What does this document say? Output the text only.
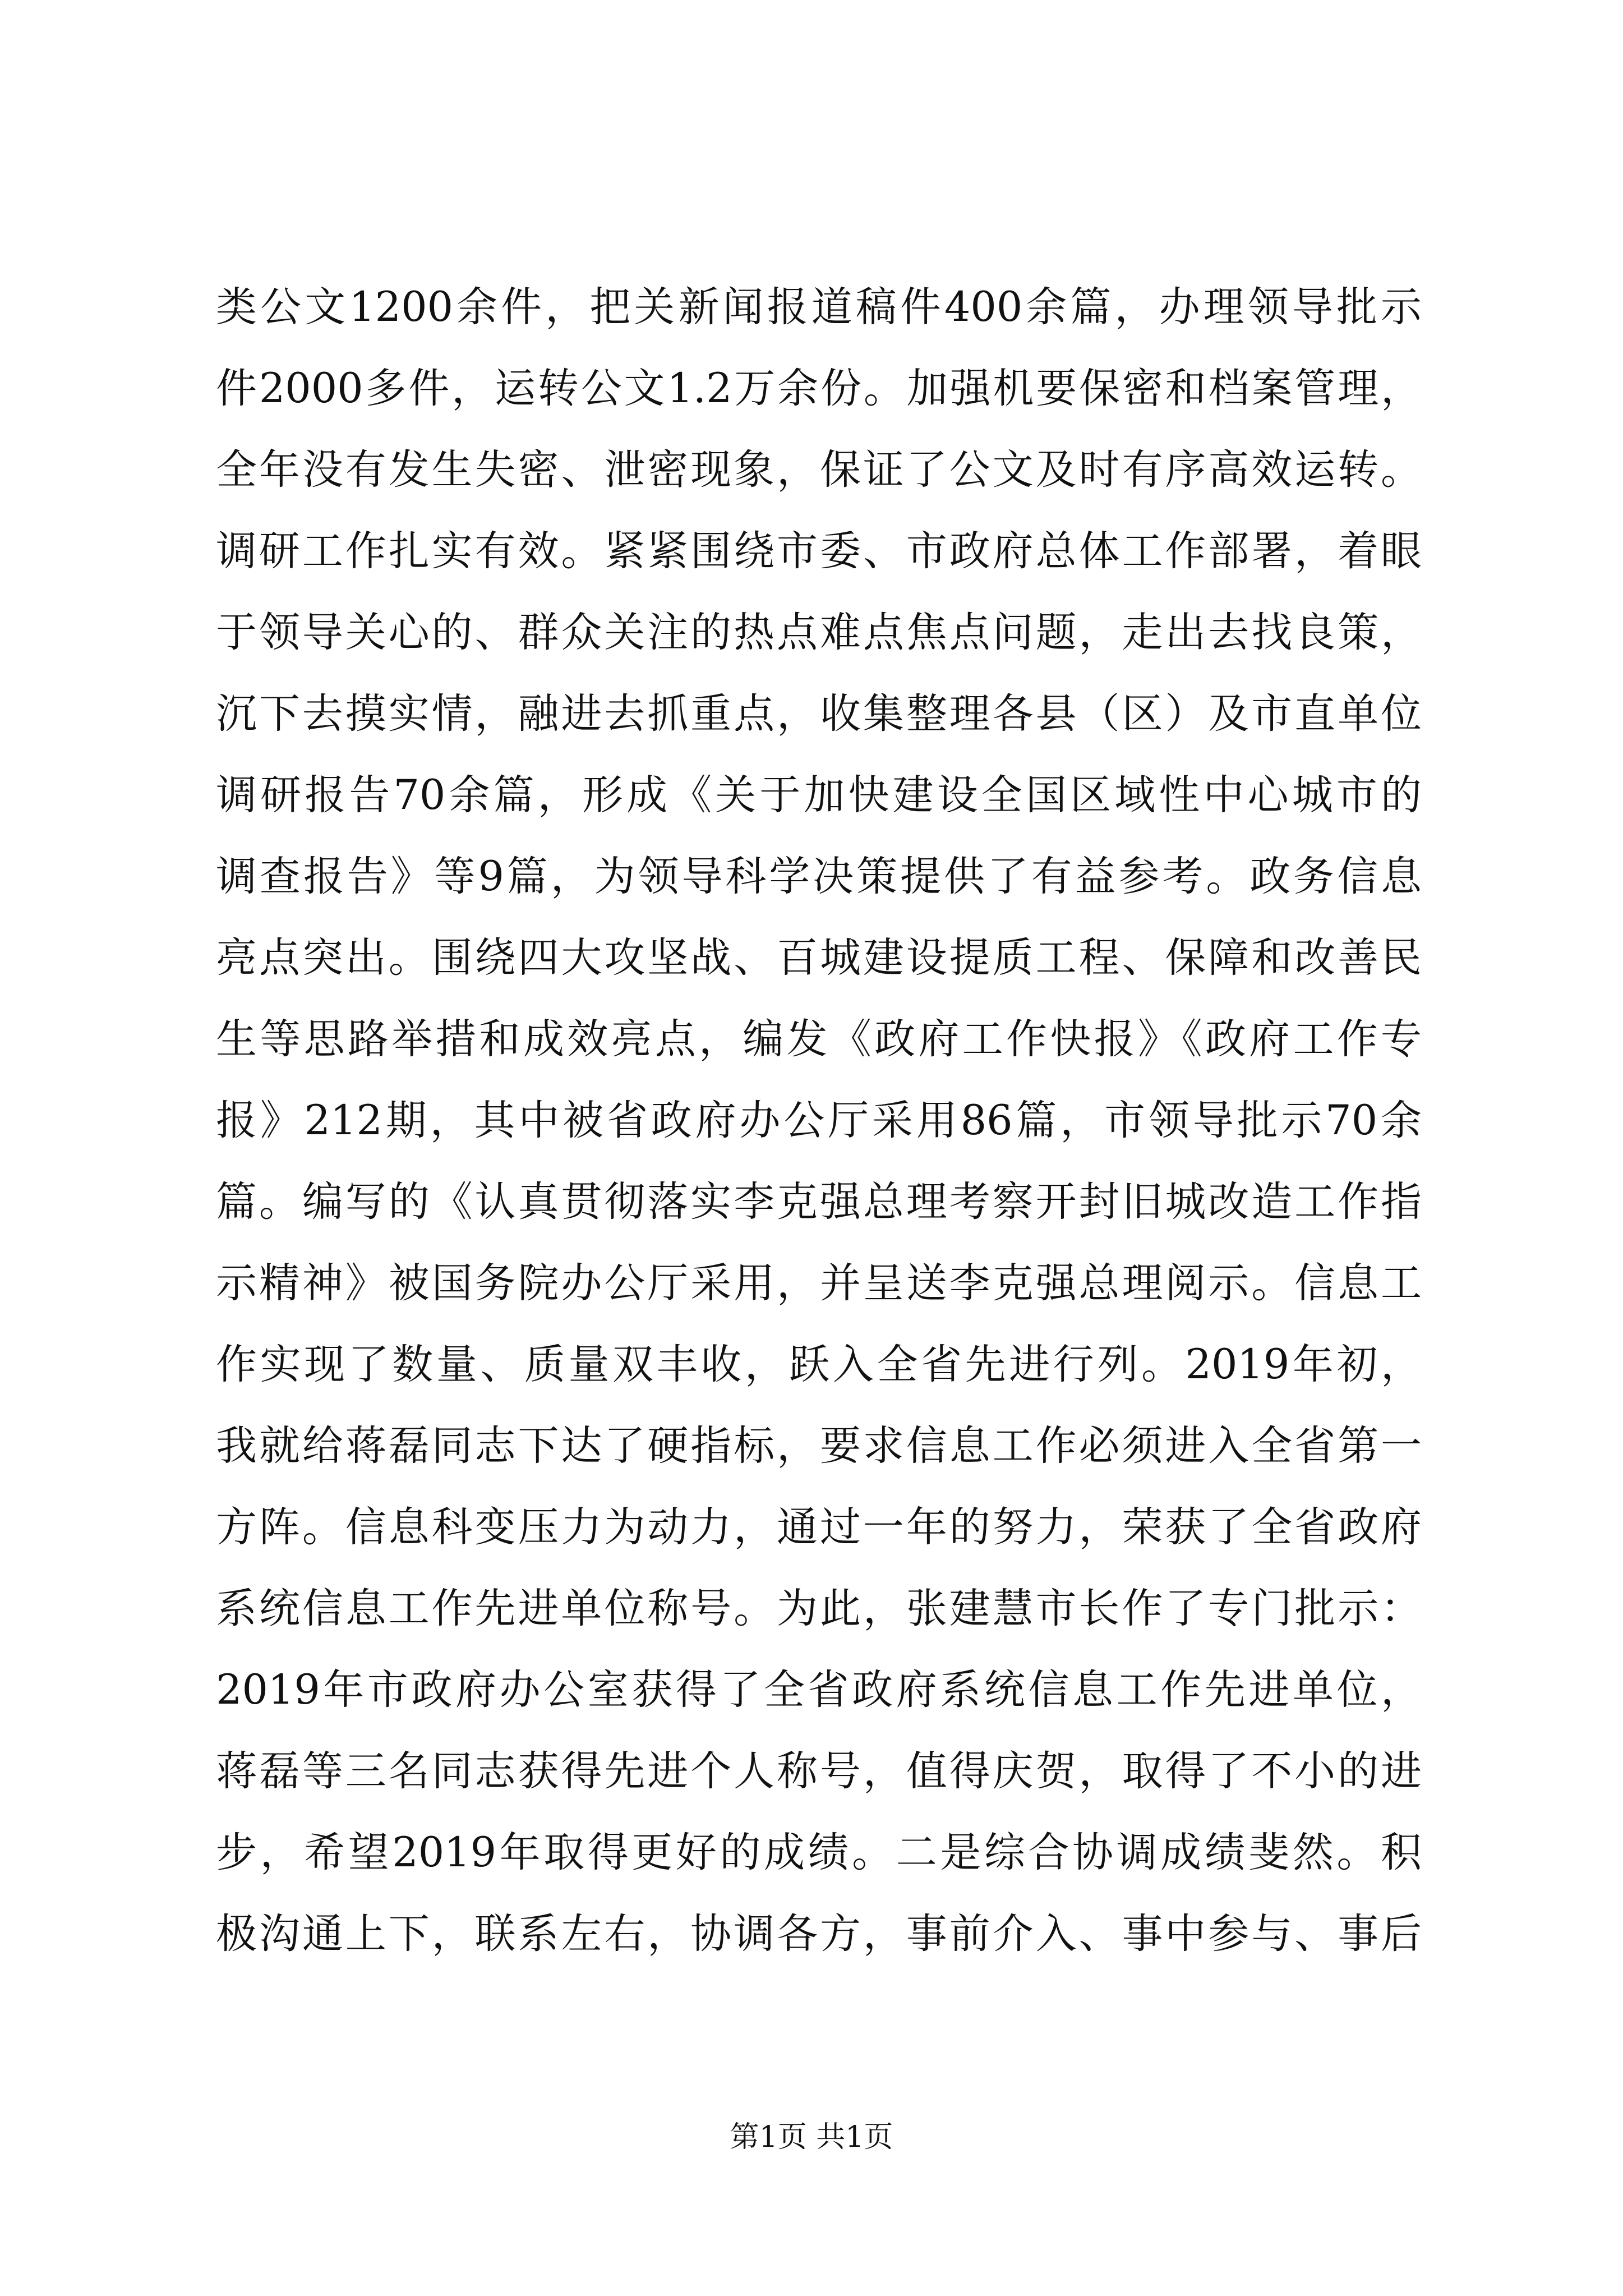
类公文1200余件，把关新闻报道稿件400余篇，办理领导批示
件2000多件，运转公文1.2万余份。加强机要保密和档案管理，
全年没有发生失密、泄密现象，保证了公文及时有序高效运转。
调研工作扎实有效。紧紧围绕市委、市政府总体工作部署，着眼
于领导关心的、群众关注的热点难点焦点问题，走出去找良策，
沉下去摸实情，融进去抓重点，收集整理各县（区）及市直单位
调研报告70余篇，形成《关于加快建设全国区域性中心城市的
调查报告》等9篇，为领导科学决策提供了有益参考。政务信息
亮点突出。围绕四大攻坚战、百城建设提质工程、保障和改善民
生等思路举措和成效亮点，编发《政府工作快报》《政府工作专
报》212期，其中被省政府办公厅采用86篇，市领导批示70余
篇。编写的《认真贯彻落实李克强总理考察开封旧城改造工作指
示精神》被国务院办公厅采用，并呈送李克强总理阅示。信息工
作实现了数量、质量双丰收，跃入全省先进行列。2019年初，
我就给蒋磊同志下达了硬指标，要求信息工作必须进入全省第一
方阵。信息科变压力为动力，通过一年的努力，荣获了全省政府
系统信息工作先进单位称号。为此，张建慧市长作了专门批示：
2019年市政府办公室获得了全省政府系统信息工作先进单位，
蒋磊等三名同志获得先进个人称号，值得庆贺，取得了不小的进
步，希望2019年取得更好的成绩。二是综合协调成绩斐然。积
极沟通上下，联系左右，协调各方，事前介入、事中参与、事后
第1页 共1页
